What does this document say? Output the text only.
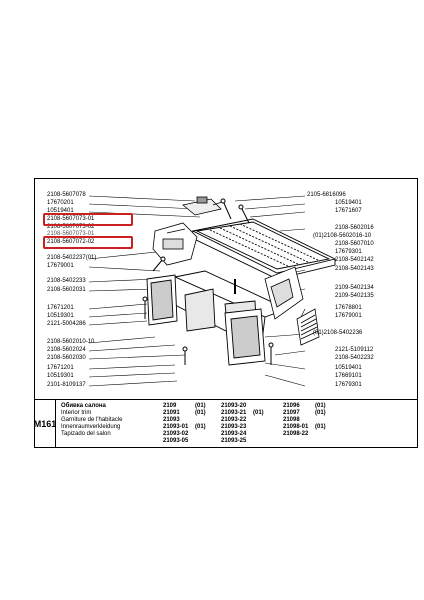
2108-5607078
17670201
10519401
2108-5607073-01
2108-5607073-02
2108-5607073-01
2108-5607072-02
2108-5402237(01)
17679001
2108-5402233
2108-5602031
17671201
10519301
2121-5004286
2108-5602010-10
2108-5602024
2108-5602030
17671201
10519301
2101-8109137
2105-6816096
10519401
17671607
2108-5602016
(01)2108-5602016-10
2108-5607010
17679301
2108-5402142
2108-5402143
2109-5402134
2109-5402135
17678801
17679001
(01)2108-5402236
2121-5109112
2108-5402232
10519401
17669101
17679301
M161
Обивка салона
Interior trim
Garniture de l'habitacle
Innenraumverkleidung
Tapizado del salon
2109	(01)
21091	(01)
21093
21093-01 (01)
21093-02
21093-05
21093-20
21093-21 (01)
21093-22
21093-23
21093-24
21093-25
21096	(01)
21097	(01)
21098
21098-01 (01)
21098-22
